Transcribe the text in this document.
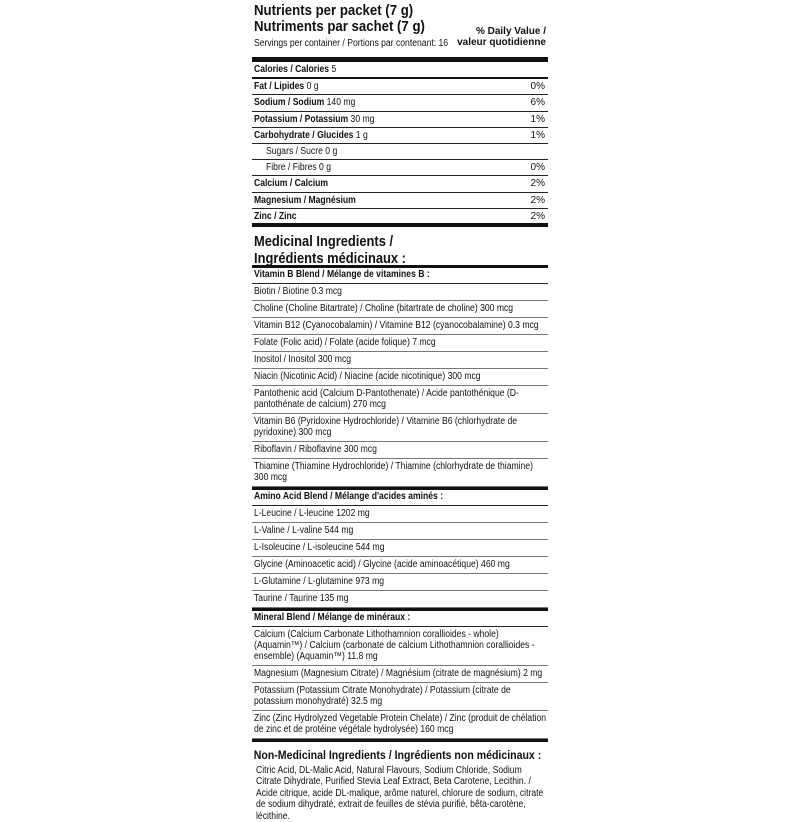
Nutrients per packet (7 g)
Nutriments par sachet (7 g)
Servings per container / Portions par contenant: 16
% Daily Value /
valeur quotidienne
Calories / Calories 5
Fat / Lipides 0 g	0%
Sodium / Sodium 140 mg	6%
Potassium / Potassium 30 mg	1%
Carbohydrate / Glucides 1 g	1%
Sugars / Sucre 0 g
Fibre / Fibres 0 g	0%
Calcium / Calcium	2%
Magnesium / Magnésium	2%
Zinc / Zinc	2%
Medicinal Ingredients /
Ingrédients médicinaux :
Vitamin B Blend / Mélange de vitamines B :
Biotin / Biotine 0.3 mcg
Choline (Choline Bitartrate) / Choline (bitartrate de choline) 300 mcg
Vitamin B12 (Cyanocobalamin) / Vitamine B12 (cyanocobalamine) 0.3 mcg
Folate (Folic acid) / Folate (acide folique) 7 mcg
Inositol / Inositol 300 mcg
Niacin (Nicotinic Acid) / Niacine (acide nicotinique) 300 mcg
Pantothenic acid (Calcium D-Pantothenate) / Acide pantothénique (D-pantothénate de calcium) 270 mcg
Vitamin B6 (Pyridoxine Hydrochloride) / Vitamine B6 (chlorhydrate de pyridoxine) 300 mcg
Riboflavin / Riboflavine 300 mcg
Thiamine (Thiamine Hydrochloride) / Thiamine (chlorhydrate de thiamine) 300 mcg
Amino Acid Blend / Mélange d'acides aminés :
L-Leucine / L-leucine 1202 mg
L-Valine / L-valine 544 mg
L-Isoleucine / L-isoleucine 544 mg
Glycine (Aminoacetic acid) / Glycine (acide aminoacétique) 460 mg
L-Glutamine / L-glutamine 973 mg
Taurine / Taurine 135 mg
Mineral Blend / Mélange de minéraux :
Calcium (Calcium Carbonate Lithothamnion corallioides - whole) (Aquamin™) / Calcium (carbonate de calcium Lithothamnion corallioides - ensemble) (Aquamin™) 11.8 mg
Magnesium (Magnesium Citrate) / Magnésium (citrate de magnésium) 2 mg
Potassium (Potassium Citrate Monohydrate) / Potassium (citrate de potassium monohydraté) 32.5 mg
Zinc (Zinc Hydrolyzed Vegetable Protein Chelate) / Zinc (produit de chélation de zinc et de protéine végétale hydrolysée) 160 mcg
Non-Medicinal Ingredients / Ingrédients non médicinaux :
Citric Acid, DL-Malic Acid, Natural Flavours, Sodium Chloride, Sodium Citrate Dihydrate, Purified Stevia Leaf Extract, Beta Carotene, Lecithin. / Acide citrique, acide DL-malique, arôme naturel, chlorure de sodium, citrate de sodium dihydraté, extrait de feuilles de stévia purifié, bêta-carotène, lécithine.
